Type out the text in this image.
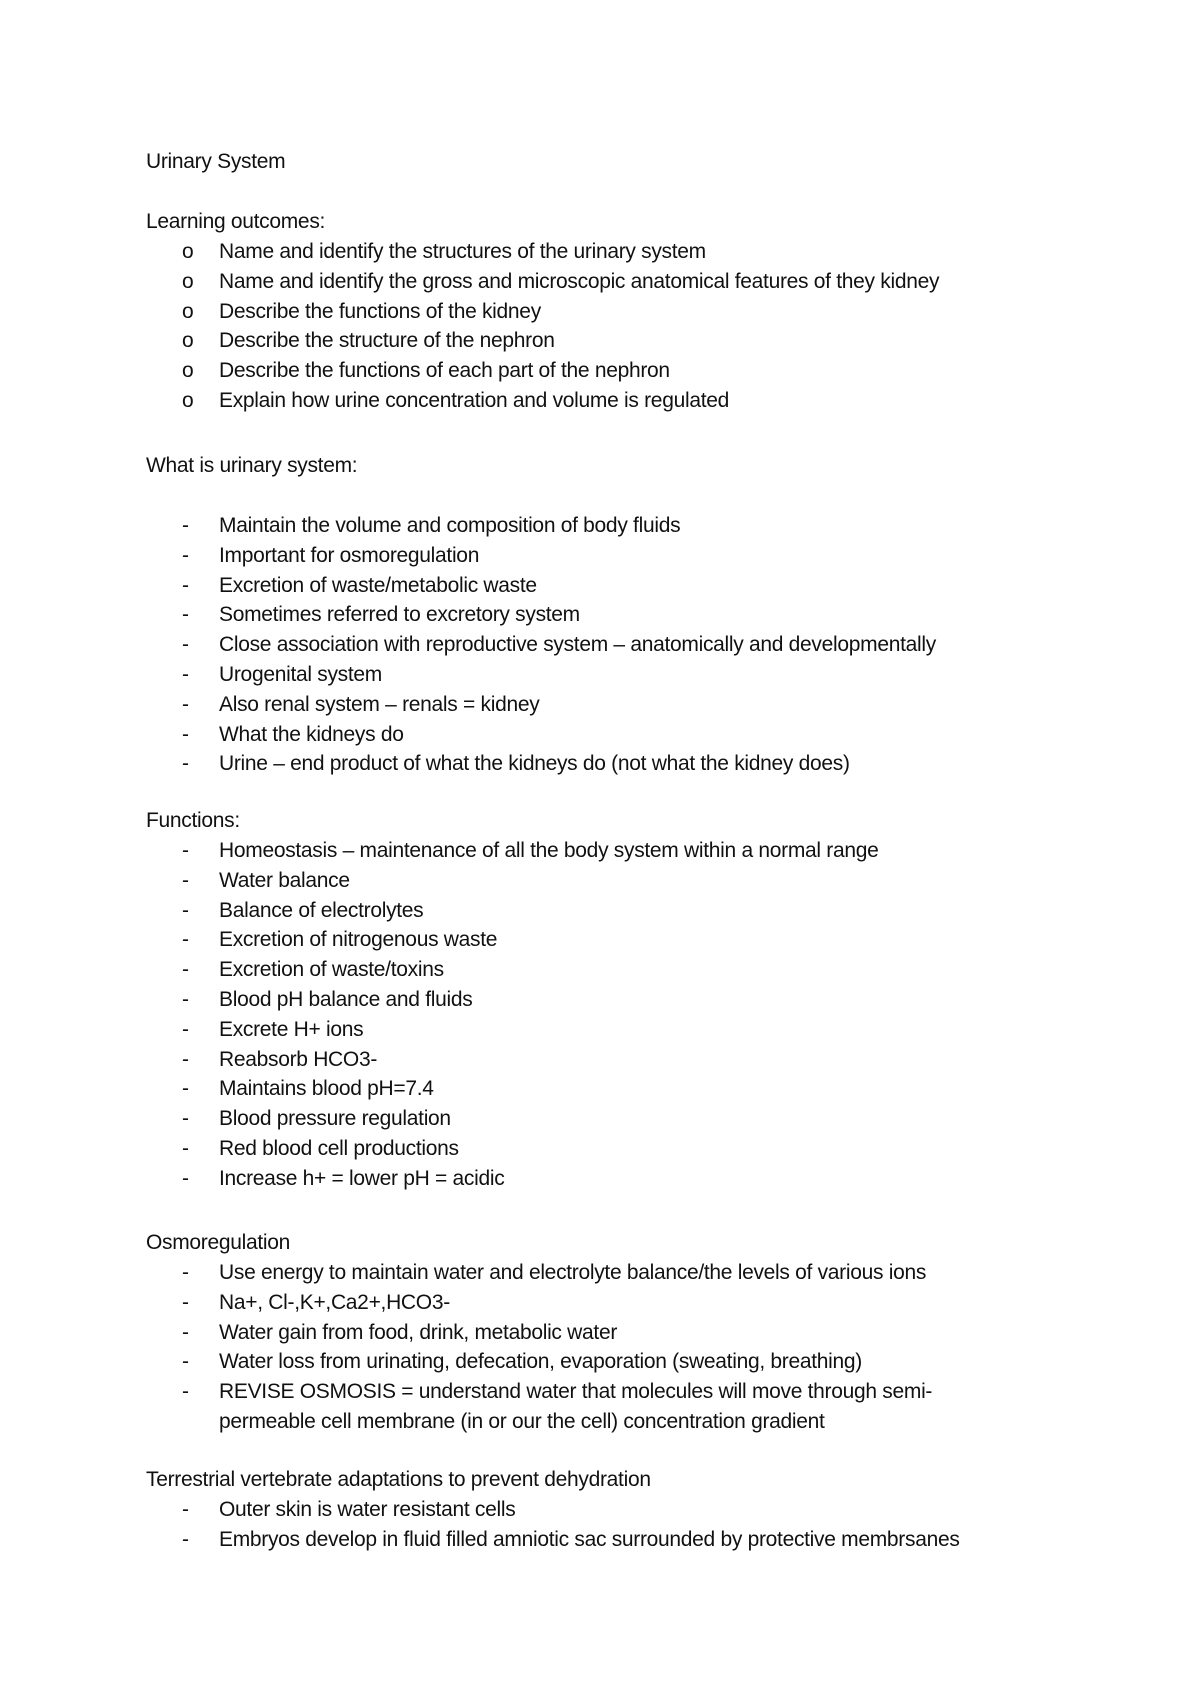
Urinary System
Learning outcomes:
o	Name and identify the structures of the urinary system
o	Name and identify the gross and microscopic anatomical features of they kidney
o	Describe the functions of the kidney
o	Describe the structure of the nephron
o	Describe the functions of each part of the nephron
o	Explain how urine concentration and volume is regulated
What is urinary system:
-	Maintain the volume and composition of body fluids
-	Important for osmoregulation
-	Excretion of waste/metabolic waste
-	Sometimes referred to excretory system
-	Close association with reproductive system – anatomically and developmentally
-	Urogenital system
-	Also renal system – renals = kidney
-	What the kidneys do
-	Urine – end product of what the kidneys do (not what the kidney does)
Functions:
-	Homeostasis – maintenance of all the body system within a normal range
-	Water balance
-	Balance of electrolytes
-	Excretion of nitrogenous waste
-	Excretion of waste/toxins
-	Blood pH balance and fluids
-	Excrete H+ ions
-	Reabsorb HCO3-
-	Maintains blood pH=7.4
-	Blood pressure regulation
-	Red blood cell productions
-	Increase h+ = lower pH = acidic
Osmoregulation
-	Use energy to maintain water and electrolyte balance/the levels of various ions
-	Na+, Cl-,K+,Ca2+,HCO3-
-	Water gain from food, drink, metabolic water
-	Water loss from urinating, defecation, evaporation (sweating, breathing)
-	REVISE OSMOSIS = understand water that molecules will move through semi-permeable cell membrane (in or our the cell) concentration gradient
Terrestrial vertebrate adaptations to prevent dehydration
-	Outer skin is water resistant cells
-	Embryos develop in fluid filled amniotic sac surrounded by protective membrsanes
